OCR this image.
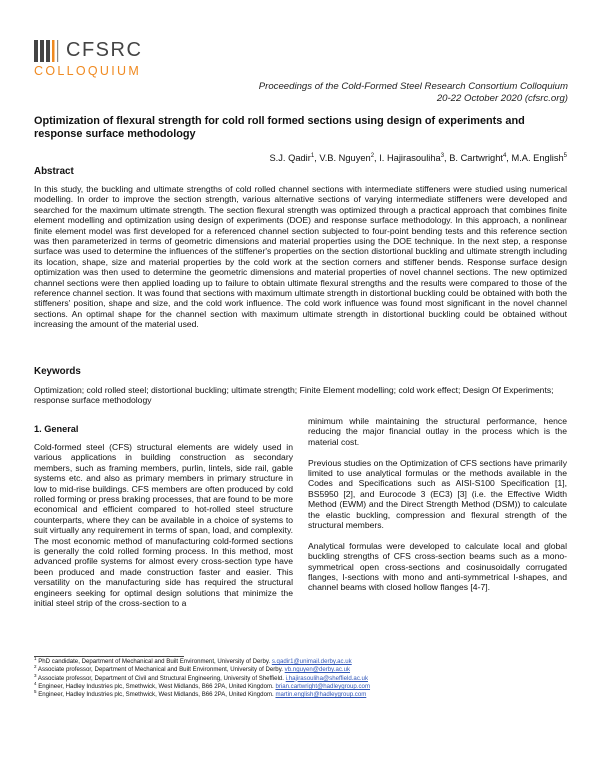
CFSRC
COLLOQUIUM
Proceedings of the Cold-Formed Steel Research Consortium Colloquium
20-22 October 2020 (cfsrc.org)
Optimization of flexural strength for cold roll formed sections using design of experiments and response surface methodology
S.J. Qadir$^1$, V.B. Nguyen$^2$, I. Hajirasouliha$^3$, B. Cartwright$^4$, M.A. English$^5$
Abstract
In this study, the buckling and ultimate strengths of cold rolled channel sections with intermediate stiffeners were studied using numerical modelling. In order to improve the section strength, various alternative sections of varying intermediate stiffeners were developed and searched for the maximum ultimate strength. The section flexural strength was optimized through a practical approach that combines finite element modelling and optimization using design of experiments (DOE) and response surface methodology. In this approach, a nonlinear finite element model was first developed for a referenced channel section subjected to four-point bending tests and this reference section was then parameterized in terms of geometric dimensions and material properties using the DOE technique. In the next step, a response surface was used to determine the influences of the stiffener's properties on the section distortional buckling and ultimate strength including its location, shape, size and material properties by the cold work at the section corners and stiffener bends. Response surface design optimization was then used to determine the geometric dimensions and material properties of novel channel sections. The new optimized channel sections were then applied loading up to failure to obtain ultimate flexural strengths and the results were compared to those of the reference channel section. It was found that sections with maximum ultimate strength in distortional buckling could be obtained with both the stiffeners' position, shape and size, and the cold work influence. The cold work influence was found most significant in the novel channel sections. An optimal shape for the channel section with maximum ultimate strength in distortional buckling could be obtained without increasing the amount of the material used.
Keywords
Optimization; cold rolled steel; distortional buckling; ultimate strength; Finite Element modelling; cold work effect; Design Of Experiments; response surface methodology
1. General
Cold-formed steel (CFS) structural elements are widely used in various applications in building construction as secondary members, such as framing members, purlin, lintels, side rail, gable systems etc. and also as primary members in primary structure in low to mid-rise buildings. CFS members are often produced by cold rolled forming or press braking processes, that are found to be more economical and efficient compared to hot-rolled steel structure counterparts, where they can be available in a choice of systems to suit virtually any requirement in terms of span, load, and complexity. The most economic method of manufacturing cold-formed sections is generally the cold rolled forming process. In this method, most advanced profile systems for almost every cross-section type have been produced and made construction faster and easier. This versatility on the manufacturing side has required the structural engineers seeking for optimal design solutions that minimize the initial steel strip of the cross-section to a

minimum while maintaining the structural performance, hence reducing the major financial outlay in the process which is the material cost.

Previous studies on the Optimization of CFS sections have primarily limited to use analytical formulas or the methods available in the Codes and Specifications such as AISI-S100 Specification [1], BS5950 [2], and Eurocode 3 (EC3) [3] (i.e. the Effective Width Method (EWM) and the Direct Strength Method (DSM)) to calculate the elastic buckling, compression and flexural strength of the structural members.

Analytical formulas were developed to calculate local and global buckling strengths of CFS cross-section beams such as a mono-symmetrical open cross-sections and cosinusoidally corrugated flanges, I-sections with mono and anti-symmetrical I-shapes, and channel beams with closed hollow flanges [4-7].

$^1$ PhD candidate, Department of Mechanical and Built Environment, University of Derby. s.qadir1@unimail.derby.ac.uk
$^2$ Associate professor, Department of Mechanical and Built Environment, University of Derby. vb.nguyen@derby.ac.uk
$^3$ Associate professor, Department of Civil and Structural Engineering, University of Sheffield. i.hajirasouliha@sheffield.ac.uk
$^4$ Engineer, Hadley Industries plc, Smethwick, West Midlands, B66 2PA, United Kingdom. brian.cartwright@hadleygroup.com
$^5$ Engineer, Hadley Industries plc, Smethwick, West Midlands, B66 2PA, United Kingdom. martin.english@hadleygroup.com
